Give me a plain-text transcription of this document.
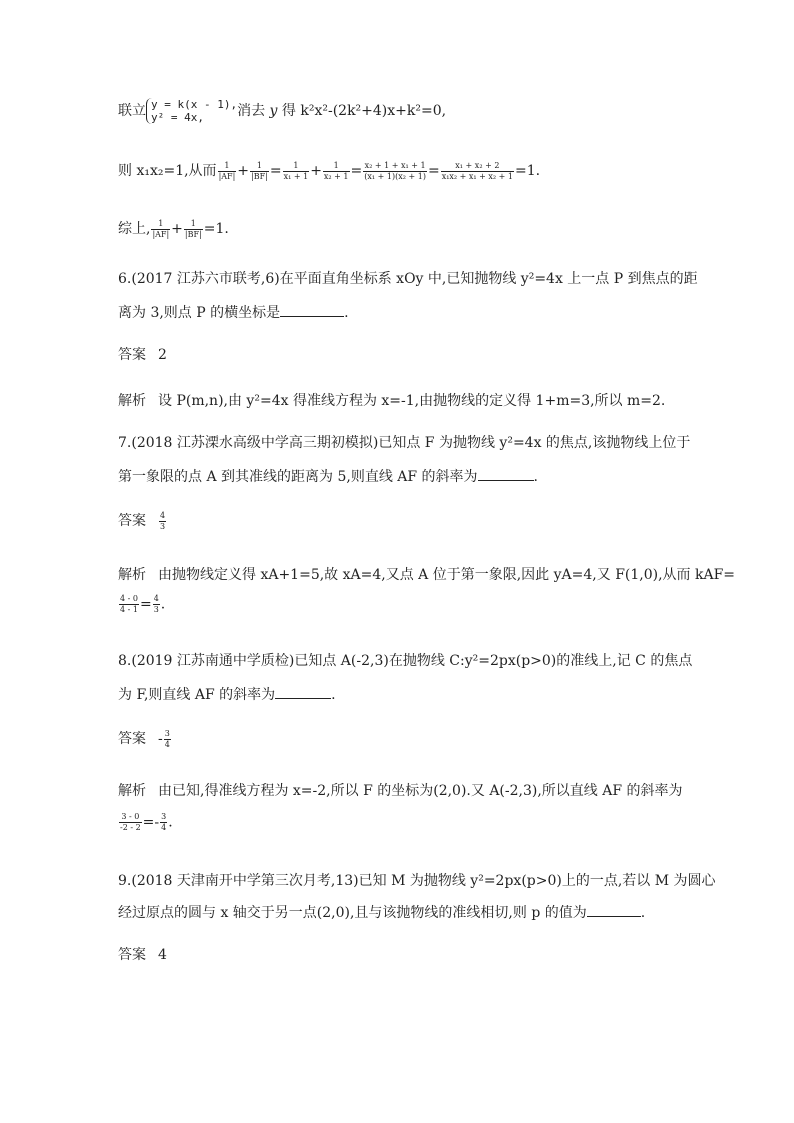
联立 y = k(x - 1),
y² = 4x,	消去 y 得 k²x²-(2k²+4)x+k²=0,
则 x₁x₂=1,从而 $\frac{1}{|AF|} + \frac{1}{|BF|} = \frac{1}{\text{x₁ + 1}} + \frac{1}{\text{x₂ + 1}} = \frac{\text{x₂ + 1 + x₁ + 1}}{\text{(x₁ + 1)(x₂ + 1)}} = \frac{\text{x₁ + x₂ + 2}}{\text{x₁x₂ + x₁ + x₂ + 1}} =1$.
综上, $\frac{1}{|AF|} + \frac{1}{|BF|} =1$.
6.(2017 江苏六市联考,6)在平面直角坐标系 xOy 中,已知抛物线 y²=4x 上一点 P 到焦点的距
离为 3,则点 P 的横坐标是	.
答案 2
解析 设 P(m,n),由 y²=4x 得准线方程为 x=-1,由抛物线的定义得 1+m=3,所以 m=2.
7.(2018 江苏溧水高级中学高三期初模拟)已知点 F 为抛物线 y²=4x 的焦点,该抛物线上位于
第一象限的点 A 到其准线的距离为 5,则直线 AF 的斜率为	.
答案 $\frac{4}{3}$
解析 由抛物线定义得 xA+1=5,故 xA=4,又点 A 位于第一象限,因此 yA=4,又 F(1,0),从而 kAF=
$\frac{4 - 0}{4 - 1} = \frac{4}{3}$ .
8.(2019 江苏南通中学质检)已知点 A(-2,3)在抛物线 C:y²=2px(p>0)的准线上,记 C 的焦点
为 F,则直线 AF 的斜率为	.
答案 - $\frac{3}{4}$
解析 由已知,得准线方程为 x=-2,所以 F 的坐标为(2,0).又 A(-2,3),所以直线 AF 的斜率为
$\frac{3 - 0}{-2 - 2} =- \frac{3}{4}$ .
9.(2018 天津南开中学第三次月考,13)已知 M 为抛物线 y²=2px(p>0)上的一点,若以 M 为圆心
经过原点的圆与 x 轴交于另一点(2,0),且与该抛物线的准线相切,则 p 的值为	.
答案 4
